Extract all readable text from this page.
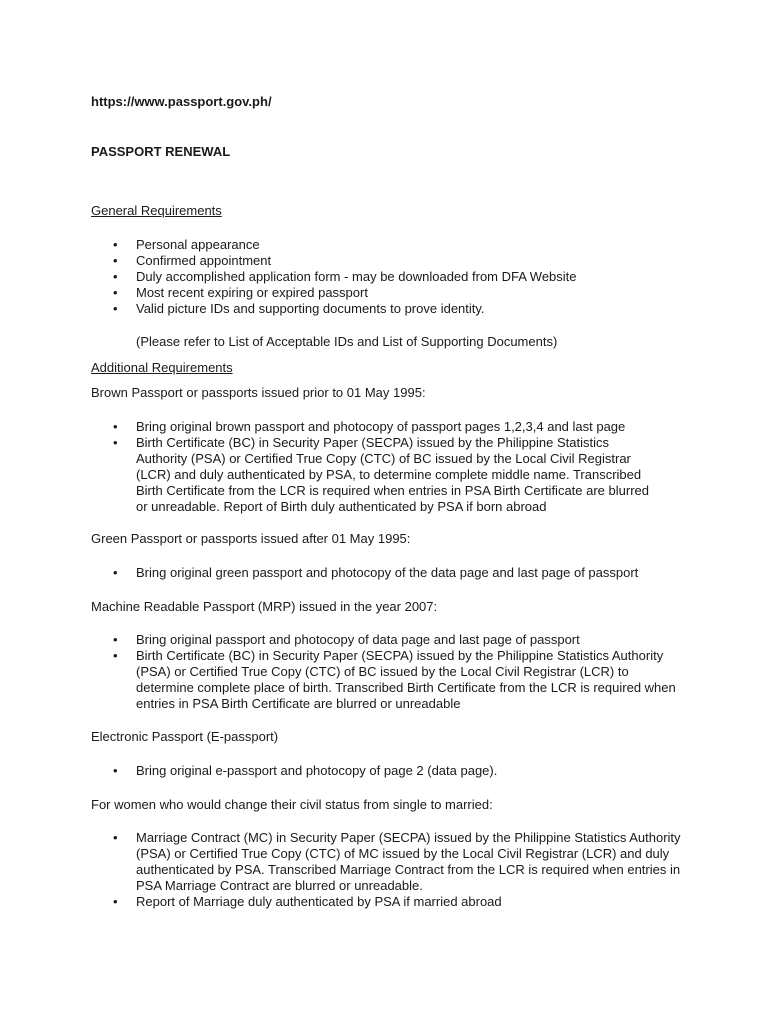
https://www.passport.gov.ph/

PASSPORT RENEWAL

General Requirements

• Personal appearance
• Confirmed appointment
• Duly accomplished application form - may be downloaded from DFA Website
• Most recent expiring or expired passport
• Valid picture IDs and supporting documents to prove identity.

(Please refer to List of Acceptable IDs and List of Supporting Documents)

Additional Requirements

Brown Passport or passports issued prior to 01 May 1995:

• Bring original brown passport and photocopy of passport pages 1,2,3,4 and last page
• Birth Certificate (BC) in Security Paper (SECPA) issued by the Philippine Statistics Authority (PSA) or Certified True Copy (CTC) of BC issued by the Local Civil Registrar (LCR) and duly authenticated by PSA, to determine complete middle name. Transcribed Birth Certificate from the LCR is required when entries in PSA Birth Certificate are blurred or unreadable. Report of Birth duly authenticated by PSA if born abroad

Green Passport or passports issued after 01 May 1995:

• Bring original green passport and photocopy of the data page and last page of passport

Machine Readable Passport (MRP) issued in the year 2007:

• Bring original passport and photocopy of data page and last page of passport
• Birth Certificate (BC) in Security Paper (SECPA) issued by the Philippine Statistics Authority (PSA) or Certified True Copy (CTC) of BC issued by the Local Civil Registrar (LCR) to determine complete place of birth. Transcribed Birth Certificate from the LCR is required when entries in PSA Birth Certificate are blurred or unreadable

Electronic Passport (E-passport)

• Bring original e-passport and photocopy of page 2 (data page).

For women who would change their civil status from single to married:

• Marriage Contract (MC) in Security Paper (SECPA) issued by the Philippine Statistics Authority (PSA) or Certified True Copy (CTC) of MC issued by the Local Civil Registrar (LCR) and duly authenticated by PSA. Transcribed Marriage Contract from the LCR is required when entries in PSA Marriage Contract are blurred or unreadable.
• Report of Marriage duly authenticated by PSA if married abroad
